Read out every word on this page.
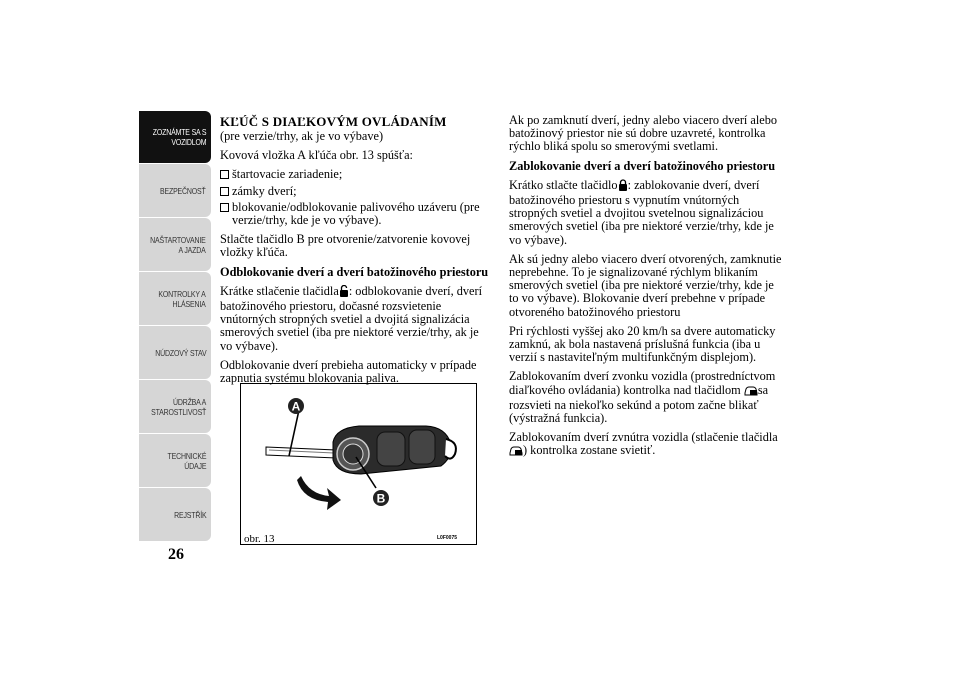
ZOZNÁMTE SA S
VOZIDLOM
BEZPEČNOSŤ
NAŠTARTOVANIE
A JAZDA
KONTROLKY A
HLÁSENIA
NÚDZOVÝ STAV
ÚDRŽBA A
STAROSTLIVOSŤ
TECHNICKÉ
ÚDAJE
REJSTŘÍK
26
KĽÚČ S DIAĽKOVÝM OVLÁDANÍM

(pre verzie/trhy, ak je vo výbave)

Kovová vložka A kľúča obr. 13 spúšťa:

štartovacie zariadenie;
zámky dverí;
blokovanie/odblokovanie palivového uzáveru (pre verzie/trhy, kde je vo výbave).

Stlačte tlačidlo B pre otvorenie/zatvorenie kovovej vložky kľúča.

Odblokovanie dverí a dverí batožinového priestoru

Krátke stlačenie tlačidla : odblokovanie dverí, dverí batožinového priestoru, dočasné rozsvietenie vnútorných stropných svetiel a dvojitá signalizácia smerových svetiel (iba pre niektoré verzie/trhy, ak je vo výbave).

Odblokovanie dverí prebieha automaticky v prípade zapnutia systému blokovania paliva.

A
B
obr. 13	L0F0075

Ak po zamknutí dverí, jedny alebo viacero dverí alebo batožinový priestor nie sú dobre uzavreté, kontrolka rýchlo bliká spolu so smerovými svetlami.

Zablokovanie dverí a dverí batožinového priestoru

Krátko stlačte tlačidlo : zablokovanie dverí, dverí batožinového priestoru s vypnutím vnútorných stropných svetiel a dvojitou svetelnou signalizáciou smerových svetiel (iba pre niektoré verzie/trhy, kde je vo výbave).

Ak sú jedny alebo viacero dverí otvorených, zamknutie neprebehne. To je signalizované rýchlym blikaním smerových svetiel (iba pre niektoré verzie/trhy, kde je to vo výbave). Blokovanie dverí prebehne v prípade otvoreného batožinového priestoru

Pri rýchlosti vyššej ako 20 km/h sa dvere automaticky zamknú, ak bola nastavená príslušná funkcia (iba u verzií s nastaviteľným multifunkčným displejom).

Zablokovaním dverí zvonku vozidla (prostredníctvom diaľkového ovládania) kontrolka nad tlačidlom sa rozsvieti na niekoľko sekúnd a potom začne blikať (výstražná funkcia).

Zablokovaním dverí zvnútra vozidla (stlačenie tlačidla ) kontrolka zostane svietiť.
